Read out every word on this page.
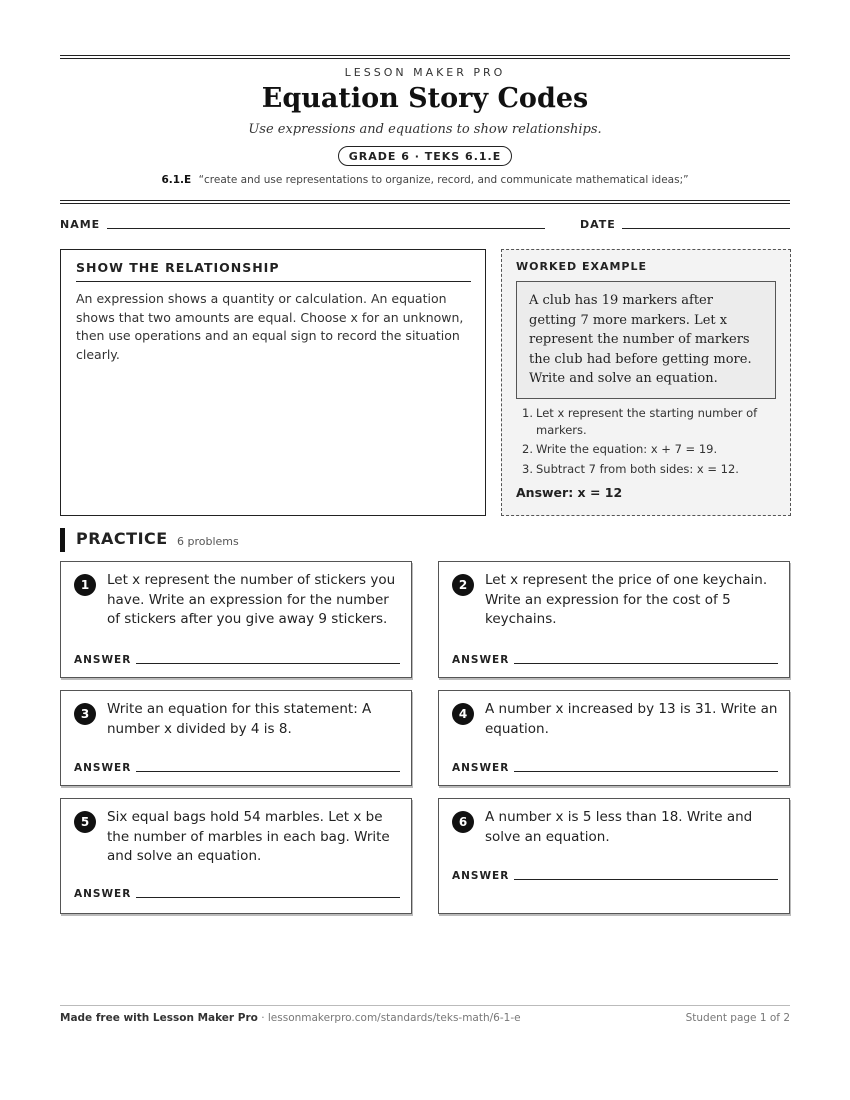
LESSON MAKER PRO
Equation Story Codes
Use expressions and equations to show relationships.
GRADE 6 · TEKS 6.1.E
6.1.E “create and use representations to organize, record, and communicate mathematical ideas;”
NAME	DATE
SHOW THE RELATIONSHIP
An expression shows a quantity or calculation. An equation shows that two amounts are equal. Choose x for an unknown, then use operations and an equal sign to record the situation clearly.
WORKED EXAMPLE
A club has 19 markers after getting 7 more markers. Let x represent the number of markers the club had before getting more. Write and solve an equation.
1. Let x represent the starting number of markers.
2. Write the equation: x + 7 = 19.
3. Subtract 7 from both sides: x = 12.
Answer: x = 12
PRACTICE 6 problems
1	Let x represent the number of stickers you have. Write an expression for the number of stickers after you give away 9 stickers.
ANSWER
2	Let x represent the price of one keychain. Write an expression for the cost of 5 keychains.
ANSWER
3	Write an equation for this statement: A number x divided by 4 is 8.
ANSWER
4	A number x increased by 13 is 31. Write an equation.
ANSWER
5	Six equal bags hold 54 marbles. Let x be the number of marbles in each bag. Write and solve an equation.
ANSWER
6	A number x is 5 less than 18. Write and solve an equation.
ANSWER
Made free with Lesson Maker Pro · lessonmakerpro.com/standards/teks-math/6-1-e	Student page 1 of 2
